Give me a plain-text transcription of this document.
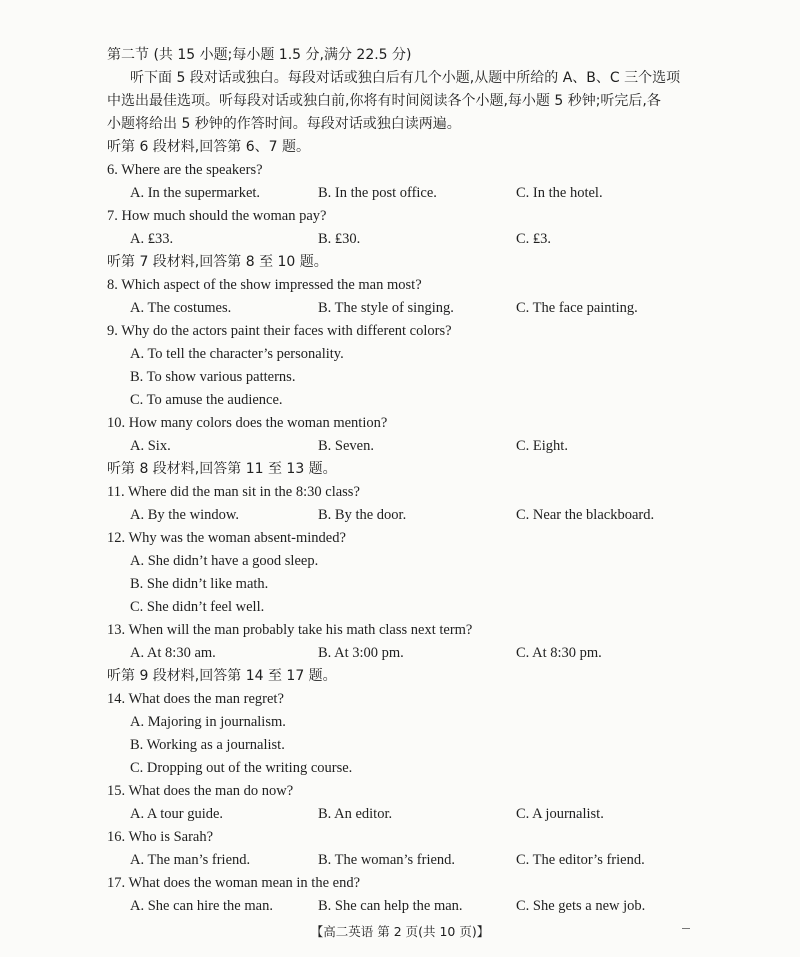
第二节 (共 15 小题;每小题 1.5 分,满分 22.5 分)
听下面 5 段对话或独白。每段对话或独白后有几个小题,从题中所给的 A、B、C 三个选项
中选出最佳选项。听每段对话或独白前,你将有时间阅读各个小题,每小题 5 秒钟;听完后,各
小题将给出 5 秒钟的作答时间。每段对话或独白读两遍。
听第 6 段材料,回答第 6、7 题。
6. Where are the speakers?
A. In the supermarket.	B. In the post office.	C. In the hotel.
7. How much should the woman pay?
A. ₤33.	B. ₤30.	C. ₤3.
听第 7 段材料,回答第 8 至 10 题。
8. Which aspect of the show impressed the man most?
A. The costumes.	B. The style of singing.	C. The face painting.
9. Why do the actors paint their faces with different colors?
A. To tell the character’s personality.
B. To show various patterns.
C. To amuse the audience.
10. How many colors does the woman mention?
A. Six.	B. Seven.	C. Eight.
听第 8 段材料,回答第 11 至 13 题。
11. Where did the man sit in the 8:30 class?
A. By the window.	B. By the door.	C. Near the blackboard.
12. Why was the woman absent-minded?
A. She didn’t have a good sleep.
B. She didn’t like math.
C. She didn’t feel well.
13. When will the man probably take his math class next term?
A. At 8:30 am.	B. At 3:00 pm.	C. At 8:30 pm.
听第 9 段材料,回答第 14 至 17 题。
14. What does the man regret?
A. Majoring in journalism.
B. Working as a journalist.
C. Dropping out of the writing course.
15. What does the man do now?
A. A tour guide.	B. An editor.	C. A journalist.
16. Who is Sarah?
A. The man’s friend.	B. The woman’s friend.	C. The editor’s friend.
17. What does the woman mean in the end?
A. She can hire the man.	B. She can help the man.	C. She gets a new job.
【高二英语 第 2 页(共 10 页)】
